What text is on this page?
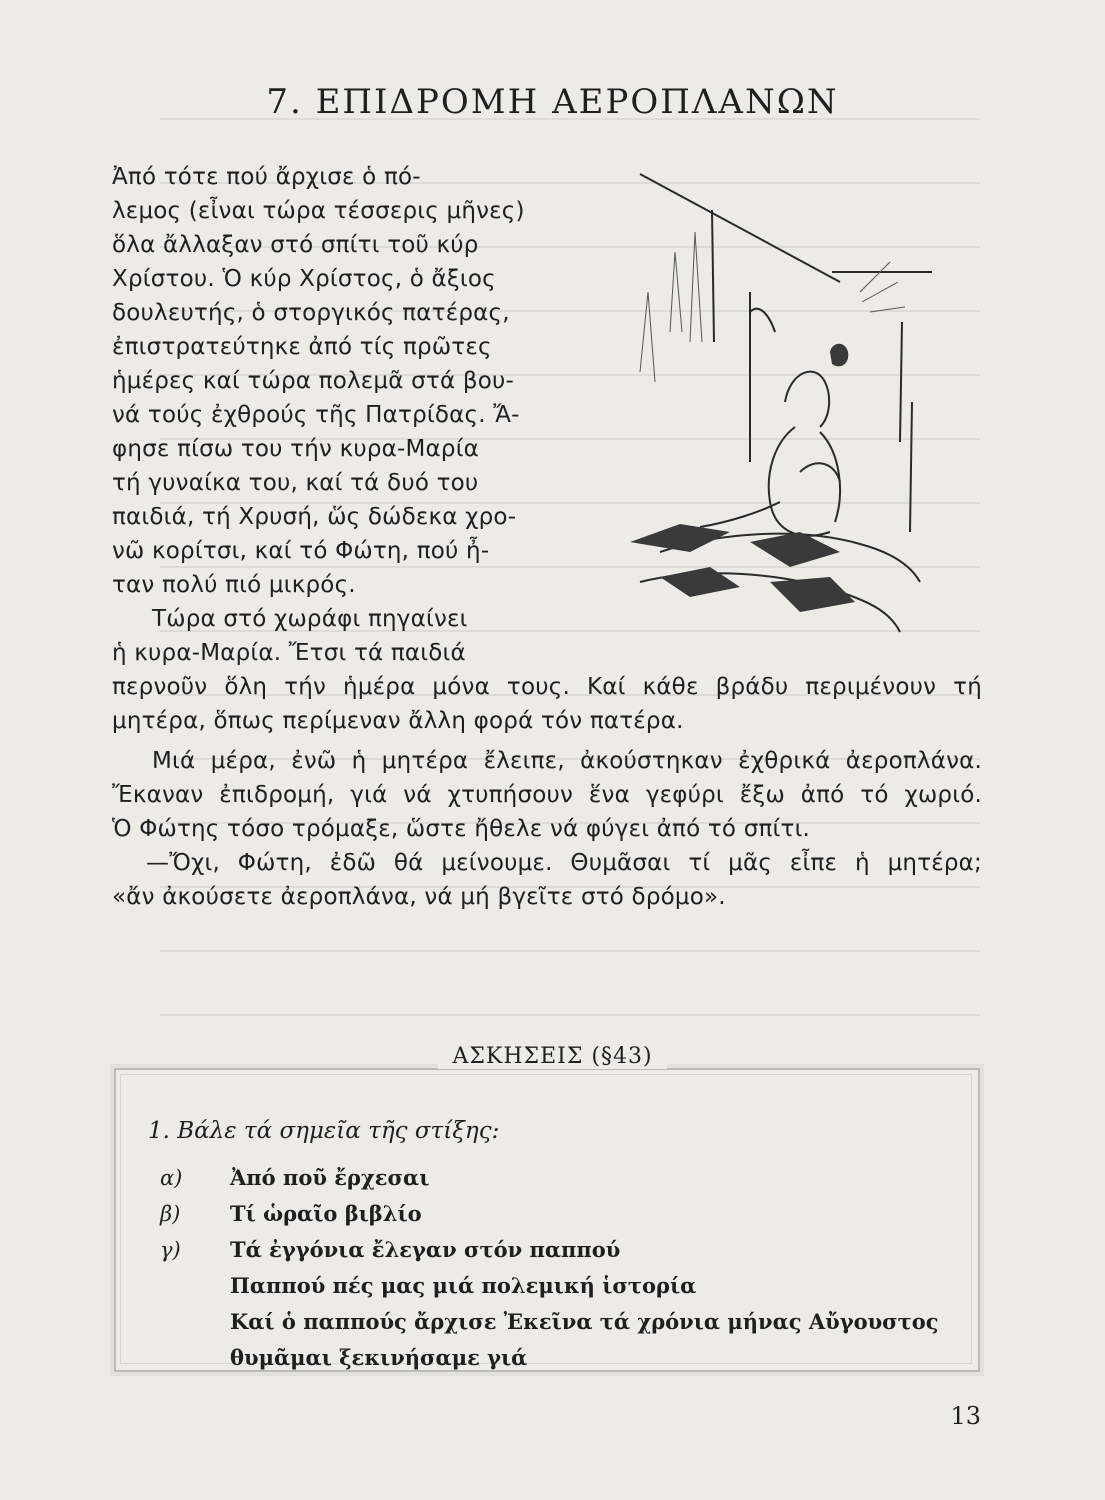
7. ΕΠΙΔΡΟΜΗ ΑΕΡΟΠΛΑΝΩΝ
Ἀπό τότε πού ἄρχισε ὁ πό-
λεμος (εἶναι τώρα τέσσερις μῆνες)
ὅλα ἄλλαξαν στό σπίτι τοῦ κύρ
Χρίστου. Ὁ κύρ Χρίστος, ὁ ἄξιος
δουλευτής, ὁ στοργικός πατέρας,
ἐπιστρατεύτηκε ἀπό τίς πρῶτες
ἡμέρες καί τώρα πολεμᾶ στά βου-
νά τούς ἐχθρούς τῆς Πατρίδας. Ἄ-
φησε πίσω του τήν κυρα-Μαρία
τή γυναίκα του, καί τά δυό του
παιδιά, τή Χρυσή, ὥς δώδεκα χρο-
νῶ κορίτσι, καί τό Φώτη, πού ἦ-
ταν πολύ πιό μικρός.
Τώρα στό χωράφι πηγαίνει
ἡ κυρα-Μαρία. Ἔτσι τά παιδιά
περνοῦν ὅλη τήν ἡμέρα μόνα τους. Καί κάθε βράδυ περιμένουν τή
μητέρα, ὅπως περίμεναν ἄλλη φορά τόν πατέρα.
Μιά μέρα, ἐνῶ ἡ μητέρα ἔλειπε, ἀκούστηκαν ἐχθρικά ἀεροπλάνα.
Ἔκαναν ἐπιδρομή, γιά νά χτυπήσουν ἕνα γεφύρι ἔξω ἀπό τό χωριό.
Ὁ Φώτης τόσο τρόμαξε, ὥστε ἤθελε νά φύγει ἀπό τό σπίτι.
—Ὄχι, Φώτη, ἐδῶ θά μείνουμε. Θυμᾶσαι τί μᾶς εἶπε ἡ μητέρα;
«ἄν ἀκούσετε ἀεροπλάνα, νά μή βγεῖτε στό δρόμο».
ΑΣΚΗΣΕΙΣ (§43)
1. Βάλε τά σημεῖα τῆς στίξης:
α) Ἀπό ποῦ ἔρχεσαι
β) Τί ὡραῖο βιβλίο
γ) Τά ἐγγόνια ἔλεγαν στόν παππού
Παππού πές μας μιά πολεμική ἱστορία
Καί ὁ παππούς ἄρχισε Ἐκεῖνα τά χρόνια μήνας Αὔγουστος
θυμᾶμαι ξεκινήσαμε γιά
13
